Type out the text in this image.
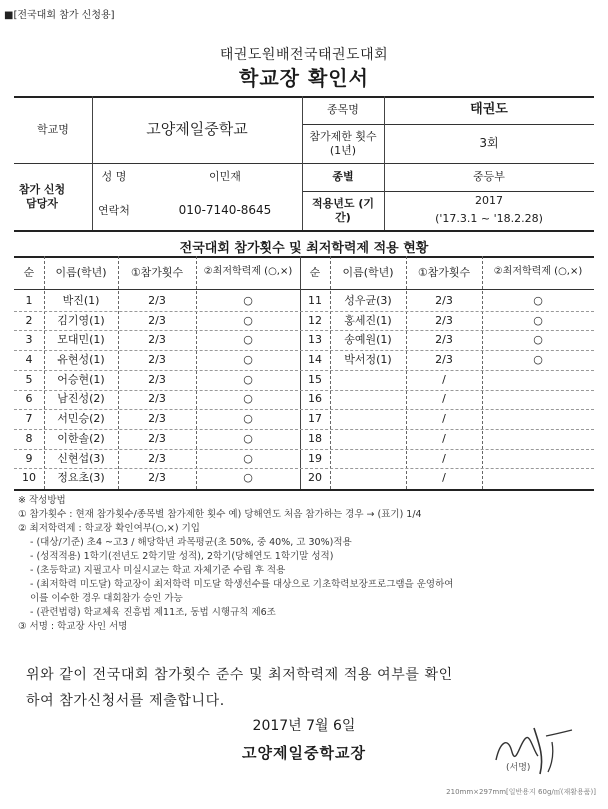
■[전국대회 참가 신청용]
태권도원배전국태권도대회
학교장 확인서
학교명	고양제일중학교
종목명	태권도
참가제한 횟수(1년)	3회
참가 신청 담당자
성 명	이민재
연락처	010-7140-8645
종별	중등부
적용년도 (기간)
2017
('17.3.1 ~ '18.2.28)
전국대회 참가횟수 및 최저학력제 적용 현황
순	이름(학년)	①참가횟수	②최저학력제 (○,×)	순	이름(학년)	①참가횟수	②최저학력제 (○,×)
1	박진(1)	2/3	○
2	김기영(1)	2/3	○
3	모대민(1)	2/3	○
4	유현성(1)	2/3	○
5	어승현(1)	2/3	○
6	남진성(2)	2/3	○
7	서민승(2)	2/3	○
8	이한솔(2)	2/3	○
9	신현섭(3)	2/3	○
10	정요초(3)	2/3	○
11	성우균(3)	2/3	○
12	홍세진(1)	2/3	○
13	송예원(1)	2/3	○
14	박서정(1)	2/3	○
15	/
16	/
17	/
18	/
19	/
20	/
※ 작성방법
① 참가횟수 : 현재 참가횟수/종목별 참가제한 횟수 예) 당해연도 처음 참가하는 경우 → (표기) 1/4
② 최저학력제 : 학교장 확인여부(○,×) 기입
- (대상/기준) 초4 ~고3 / 해당학년 과목평균(초 50%, 중 40%, 고 30%)적용
- (성적적용) 1학기(전년도 2학기말 성적), 2학기(당해연도 1학기말 성적)
- (초등학교) 지필고사 미실시교는 학교 자체기준 수립 후 적용
- (최저학력 미도달) 학교장이 최저학력 미도달 학생선수를 대상으로 기초학력보장프로그램을 운영하여
이를 이수한 경우 대회참가 승인 가능
- (관련법령) 학교체육 진흥법 제11조, 동법 시행규칙 제6조
③ 서명 : 학교장 사인 서명
위와 같이 전국대회 참가횟수 준수 및 최저학력제 적용 여부를 확인
하여 참가신청서를 제출합니다.
2017년 7월 6일
고양제일중학교장
(서명)
210mm×297mm[일반용지 60g/㎡(재활용품)]
